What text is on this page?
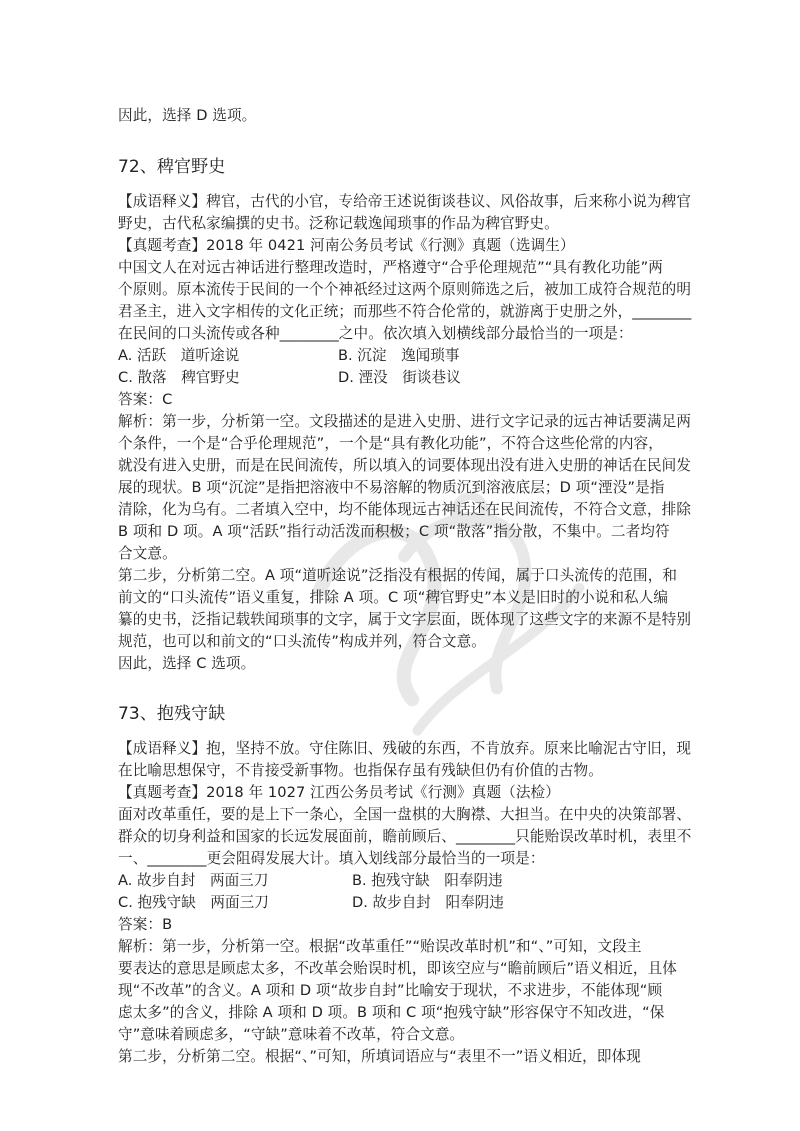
因此，选择 D 选项。
72、稗官野史
【成语释义】稗官，古代的小官，专给帝王述说街谈巷议、风俗故事，后来称小说为稗官
野史，古代私家编撰的史书。泛称记载逸闻琐事的作品为稗官野史。
【真题考查】2018 年 0421 河南公务员考试《行测》真题（选调生）
中国文人在对远古神话进行整理改造时，严格遵守“合乎伦理规范”“具有教化功能”两
个原则。原本流传于民间的一个个神祇经过这两个原则筛选之后，被加工成符合规范的明
君圣主，进入文字相传的文化正统；而那些不符合伦常的，就游离于史册之外，________
在民间的口头流传或各种________之中。依次填入划横线部分最恰当的一项是：
A. 活跃　道听途说	B. 沉淀　逸闻琐事
C. 散落　稗官野史	D. 湮没　街谈巷议
答案：C
解析：第一步，分析第一空。文段描述的是进入史册、进行文字记录的远古神话要满足两
个条件，一个是“合乎伦理规范”，一个是“具有教化功能”，不符合这些伦常的内容，
就没有进入史册，而是在民间流传，所以填入的词要体现出没有进入史册的神话在民间发
展的现状。B 项“沉淀”是指把溶液中不易溶解的物质沉到溶液底层；D 项“湮没”是指
清除，化为乌有。二者填入空中，均不能体现远古神话还在民间流传，不符合文意，排除
B 项和 D 项。A 项“活跃”指行动活泼而积极；C 项“散落”指分散，不集中。二者均符
合文意。
第二步，分析第二空。A 项“道听途说”泛指没有根据的传闻，属于口头流传的范围，和
前文的“口头流传”语义重复，排除 A 项。C 项“稗官野史”本义是旧时的小说和私人编
纂的史书，泛指记载轶闻琐事的文字，属于文字层面，既体现了这些文字的来源不是特别
规范，也可以和前文的“口头流传”构成并列，符合文意。
因此，选择 C 选项。
73、抱残守缺
【成语释义】抱，坚持不放。守住陈旧、残破的东西，不肯放弃。原来比喻泥古守旧，现
在比喻思想保守，不肯接受新事物。也指保存虽有残缺但仍有价值的古物。
【真题考查】2018 年 1027 江西公务员考试《行测》真题（法检）
面对改革重任，要的是上下一条心，全国一盘棋的大胸襟、大担当。在中央的决策部署、
群众的切身利益和国家的长远发展面前，瞻前顾后、________只能贻误改革时机，表里不
一、________更会阻碍发展大计。填入划线部分最恰当的一项是：
A. 故步自封　两面三刀	B. 抱残守缺　阳奉阴违
C. 抱残守缺　两面三刀	D. 故步自封　阳奉阴违
答案：B
解析：第一步，分析第一空。根据“改革重任”“贻误改革时机”和“、”可知，文段主
要表达的意思是顾虑太多，不改革会贻误时机，即该空应与“瞻前顾后”语义相近，且体
现“不改革”的含义。A 项和 D 项“故步自封”比喻安于现状，不求进步，不能体现“顾
虑太多”的含义，排除 A 项和 D 项。B 项和 C 项“抱残守缺”形容保守不知改进，“保
守”意味着顾虑多，“守缺”意味着不改革，符合文意。
第二步，分析第二空。根据“、”可知，所填词语应与“表里不一”语义相近，即体现
